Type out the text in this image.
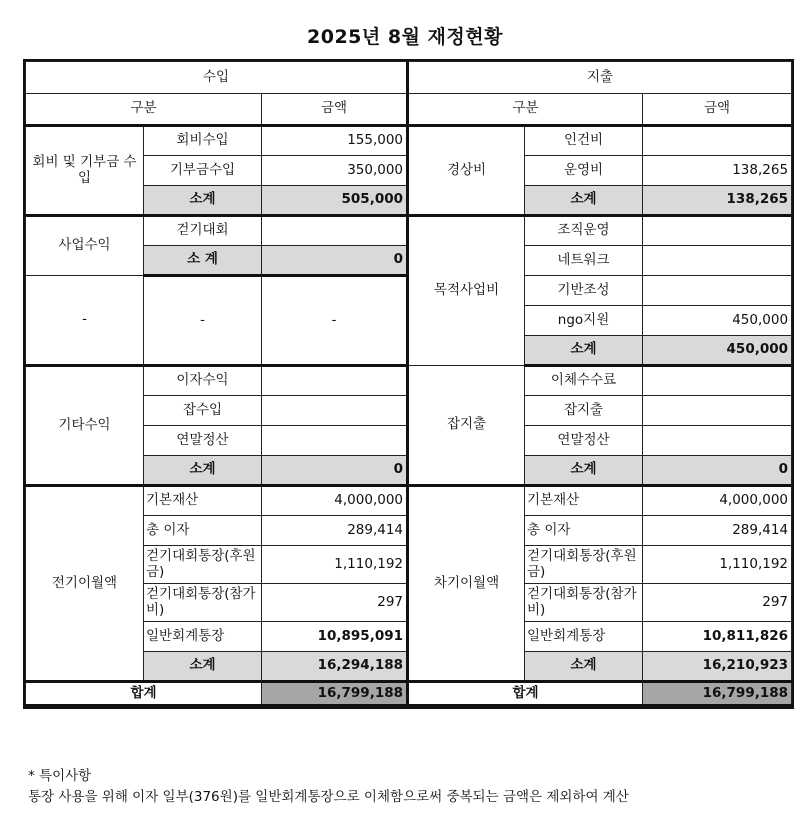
2025년 8월 재정현황
수입			지출		
구분		금액	구분		금액
회비 및 기부금 수입	회비수입	155,000	경상비	인건비	
	기부금수입	350,000		운영비	138,265
	소계	505,000		소계	138,265
사업수익	걷기대회		목적사업비	조직운영	
	소 계	0		네트워크	
-	-	-		기반조성	
				ngo지원	450,000
				소계	450,000
기타수익	이자수익		잡지출	이체수수료	
	잡수입			잡지출	
	연말정산			연말정산	
	소계	0		소계	0
전기이월액	기본재산	4,000,000	차기이월액	기본재산	4,000,000
	총 이자	289,414		총 이자	289,414
	걷기대회통장(후원금)	1,110,192		걷기대회통장(후원금)	1,110,192
	걷기대회통장(참가비)	297		걷기대회통장(참가비)	297
	일반회계통장	10,895,091		일반회계통장	10,811,826
	소계	16,294,188		소계	16,210,923
합계		16,799,188	합계		16,799,188
* 특이사항
통장 사용을 위해 이자 일부(376원)를 일반회계통장으로 이체함으로써 중복되는 금액은 제외하여 계산
